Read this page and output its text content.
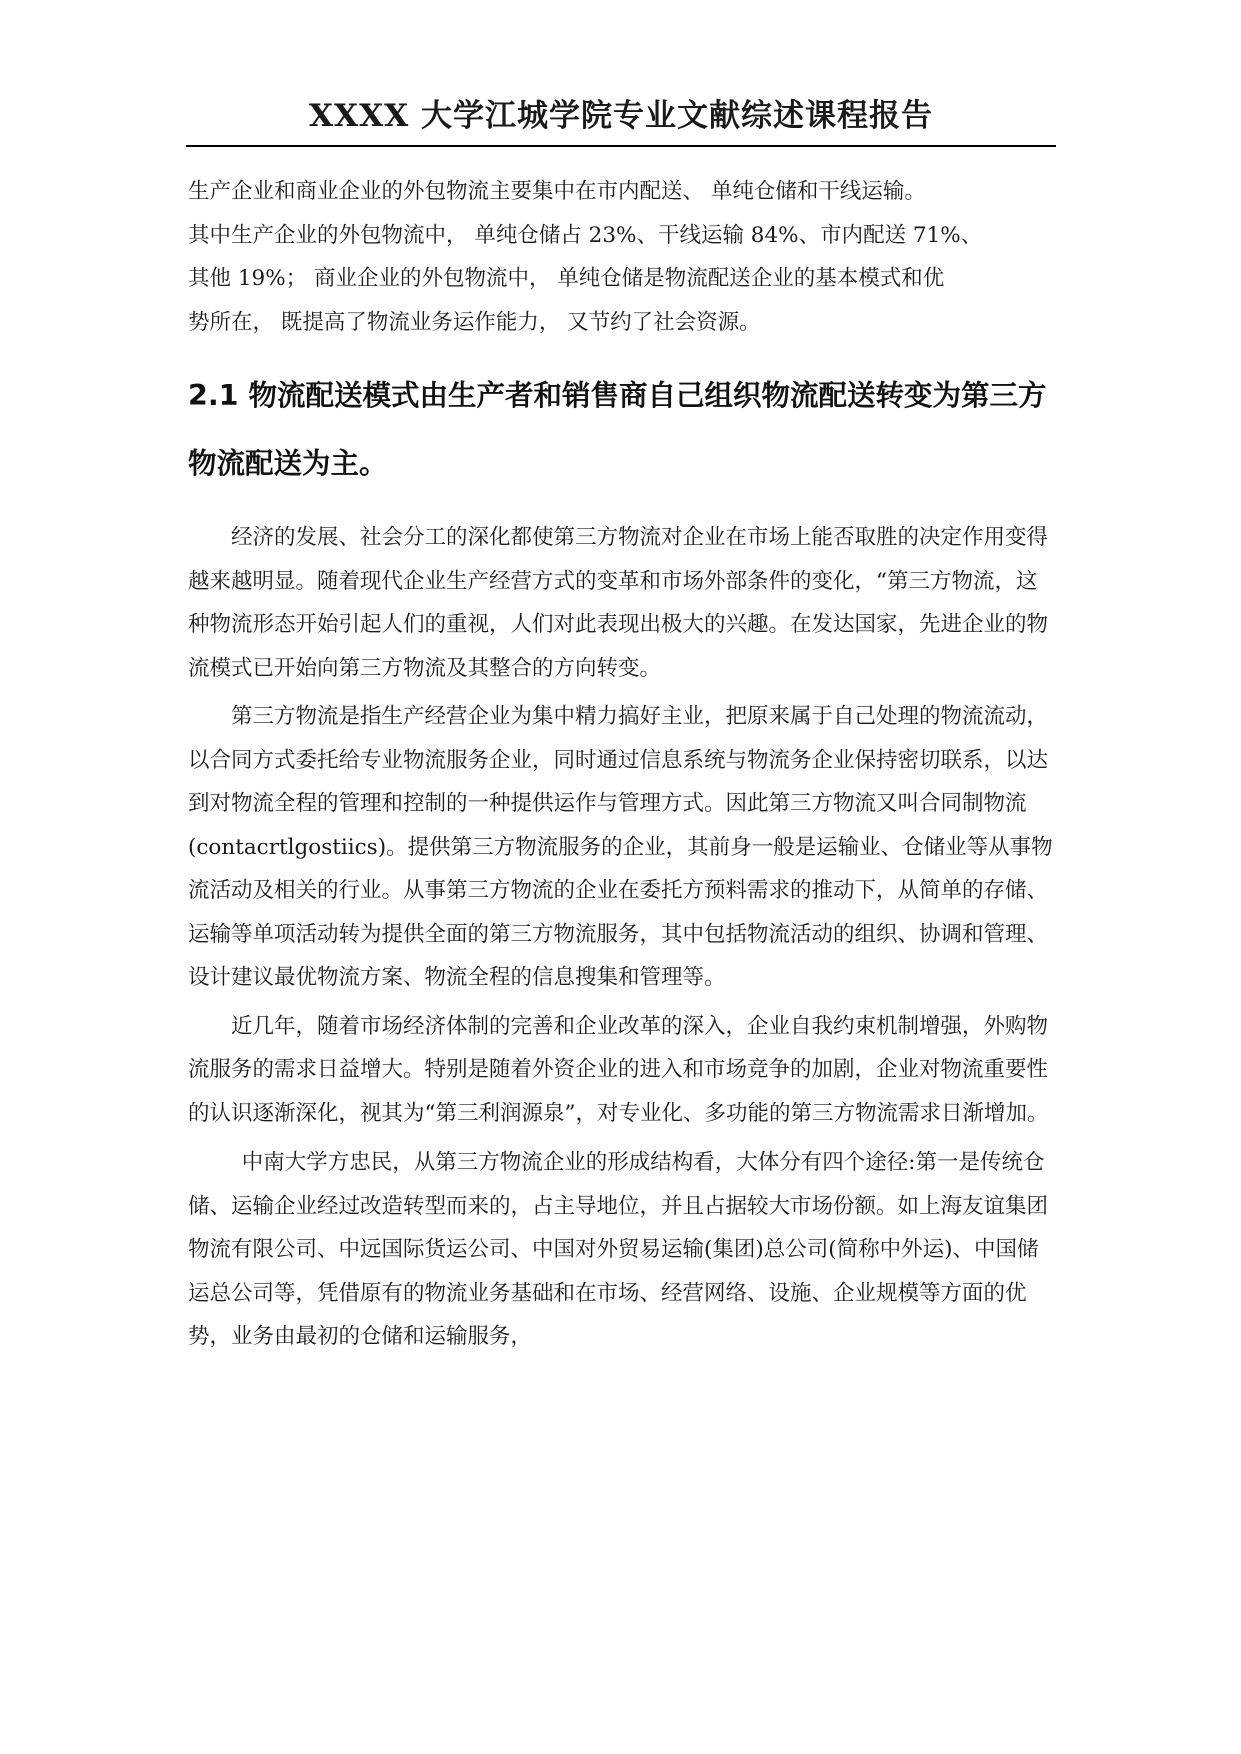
XXXX 大学江城学院专业文献综述课程报告

生产企业和商业企业的外包物流主要集中在市内配送、 单纯仓储和干线运输。

其中生产企业的外包物流中， 单纯仓储占 23%、干线运输 84%、市内配送 71%、

其他 19%； 商业企业的外包物流中， 单纯仓储是物流配送企业的基本模式和优

势所在， 既提高了物流业务运作能力， 又节约了社会资源。

2.1 物流配送模式由生产者和销售商自己组织物流配送转变为第三方物流配送为主。

经济的发展、社会分工的深化都使第三方物流对企业在市场上能否取胜的决定作用变得越来越明显。随着现代企业生产经营方式的变革和市场外部条件的变化，“第三方物流，这种物流形态开始引起人们的重视，人们对此表现出极大的兴趣。在发达国家，先进企业的物流模式已开始向第三方物流及其整合的方向转变。

第三方物流是指生产经营企业为集中精力搞好主业，把原来属于自己处理的物流流动，以合同方式委托给专业物流服务企业，同时通过信息系统与物流务企业保持密切联系，以达到对物流全程的管理和控制的一种提供运作与管理方式。因此第三方物流又叫合同制物流(contacrtlgostiics)。提供第三方物流服务的企业，其前身一般是运输业、仓储业等从事物流活动及相关的行业。从事第三方物流的企业在委托方预料需求的推动下，从简单的存储、运输等单项活动转为提供全面的第三方物流服务，其中包括物流活动的组织、协调和管理、设计建议最优物流方案、物流全程的信息搜集和管理等。

近几年，随着市场经济体制的完善和企业改革的深入，企业自我约束机制增强，外购物流服务的需求日益增大。特别是随着外资企业的进入和市场竞争的加剧，企业对物流重要性的认识逐渐深化，视其为“第三利润源泉”，对专业化、多功能的第三方物流需求日渐增加。

中南大学方忠民，从第三方物流企业的形成结构看，大体分有四个途径:第一是传统仓储、运输企业经过改造转型而来的，占主导地位，并且占据较大市场份额。如上海友谊集团物流有限公司、中远国际货运公司、中国对外贸易运输(集团)总公司(简称中外运)、中国储运总公司等，凭借原有的物流业务基础和在市场、经营网络、设施、企业规模等方面的优势，业务由最初的仓储和运输服务，
